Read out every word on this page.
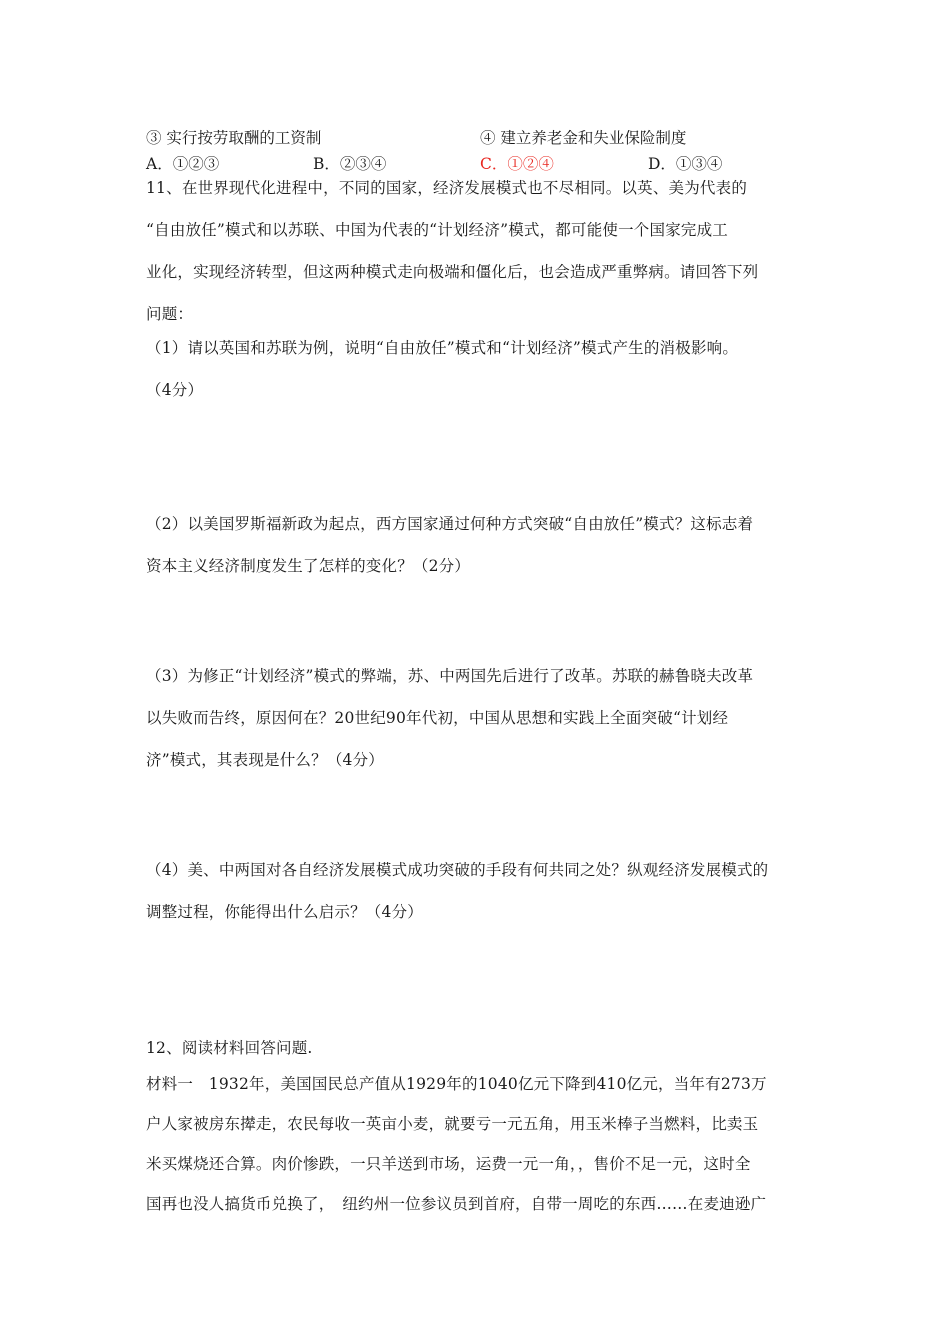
③ 实行按劳取酬的工资制	④ 建立养老金和失业保险制度
A．①②③	B．②③④	C．①②④	D．①③④
11、在世界现代化进程中，不同的国家，经济发展模式也不尽相同。以英、美为代表的
“自由放任”模式和以苏联、中国为代表的“计划经济”模式，都可能使一个国家完成工
业化，实现经济转型，但这两种模式走向极端和僵化后，也会造成严重弊病。请回答下列
问题：
（1）请以英国和苏联为例，说明“自由放任”模式和“计划经济”模式产生的消极影响。
（4分）
（2）以美国罗斯福新政为起点，西方国家通过何种方式突破“自由放任”模式？这标志着
资本主义经济制度发生了怎样的变化？（2分）
（3）为修正“计划经济”模式的弊端，苏、中两国先后进行了改革。苏联的赫鲁晓夫改革
以失败而告终，原因何在？20世纪90年代初，中国从思想和实践上全面突破“计划经
济”模式，其表现是什么？（4分）
（4）美、中两国对各自经济发展模式成功突破的手段有何共同之处？纵观经济发展模式的
调整过程，你能得出什么启示？（4分）
12、阅读材料回答问题.
材料一　1932年，美国国民总产值从1929年的1040亿元下降到410亿元，当年有273万
户人家被房东撵走，农民每收一英亩小麦，就要亏一元五角，用玉米棒子当燃料，比卖玉
米买煤烧还合算。肉价惨跌，一只羊送到市场，运费一元一角，，售价不足一元，这时全
国再也没人搞货币兑换了，　纽约州一位参议员到首府，自带一周吃的东西……在麦迪逊广
